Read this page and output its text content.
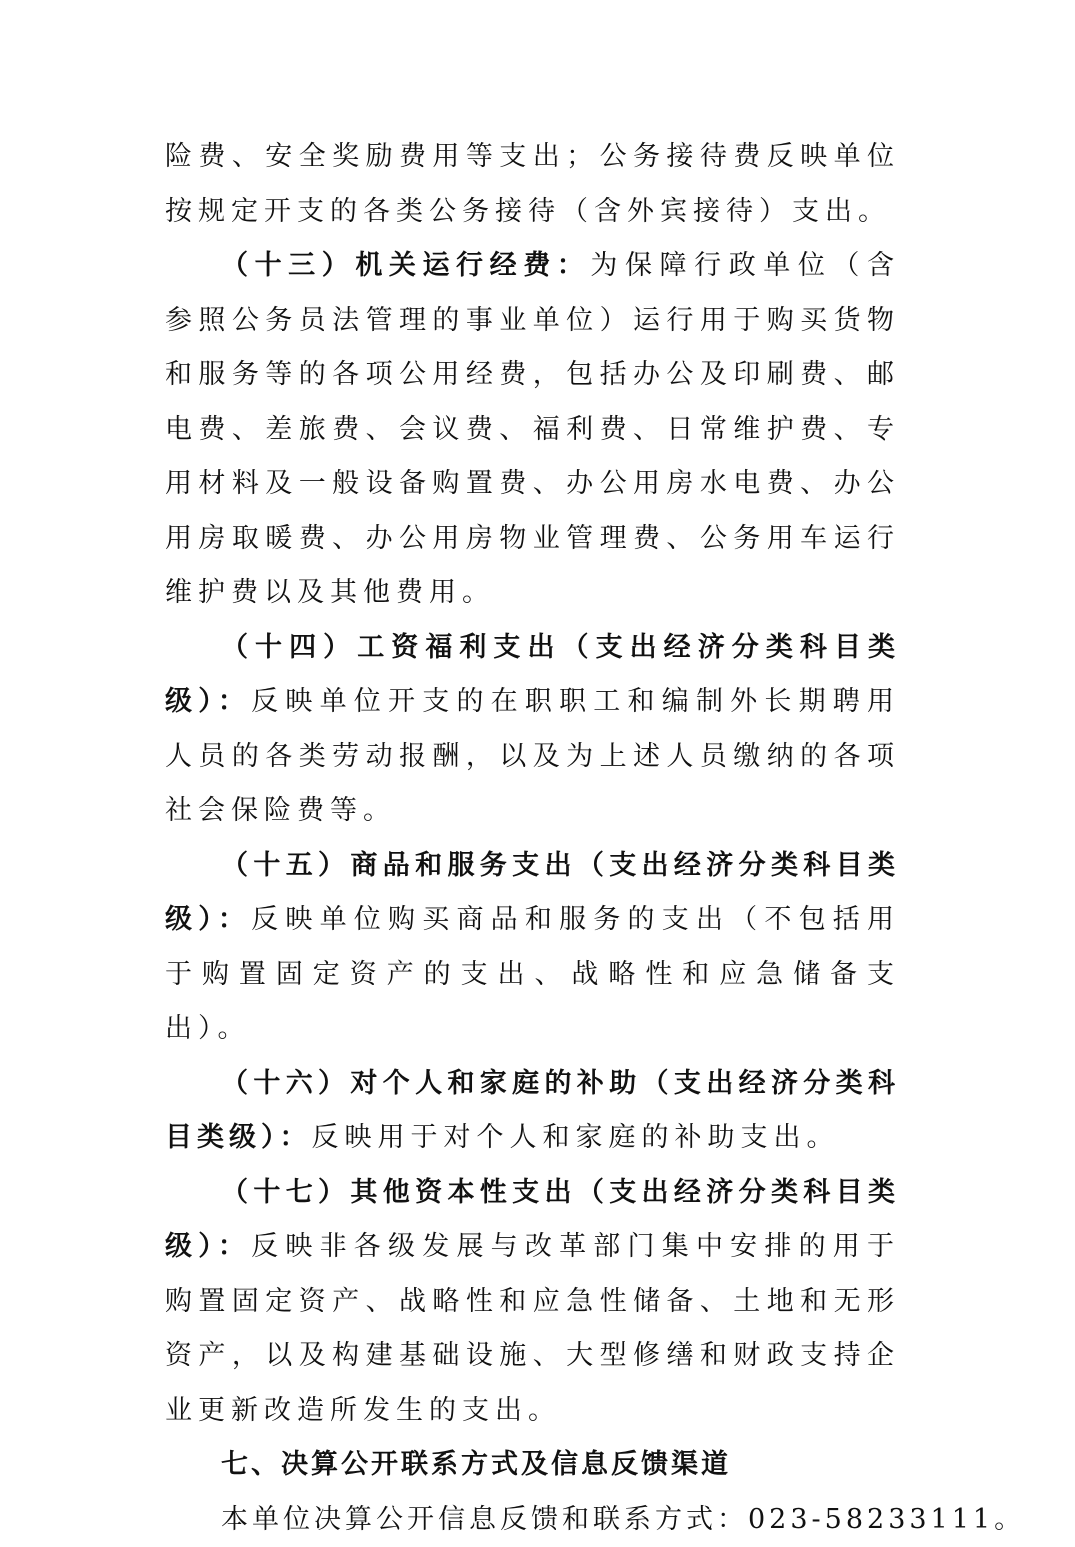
险费、安全奖励费用等支出；公务接待费反映单位按规定开支的各类公务接待（含外宾接待）支出。

（十三）机关运行经费：为保障行政单位（含参照公务员法管理的事业单位）运行用于购买货物和服务等的各项公用经费，包括办公及印刷费、邮电费、差旅费、会议费、福利费、日常维护费、专用材料及一般设备购置费、办公用房水电费、办公用房取暖费、办公用房物业管理费、公务用车运行维护费以及其他费用。

（十四）工资福利支出（支出经济分类科目类级）：反映单位开支的在职职工和编制外长期聘用人员的各类劳动报酬，以及为上述人员缴纳的各项社会保险费等。

（十五）商品和服务支出（支出经济分类科目类级）：反映单位购买商品和服务的支出（不包括用于购置固定资产的支出、战略性和应急储备支出）。

（十六）对个人和家庭的补助（支出经济分类科目类级）：反映用于对个人和家庭的补助支出。

（十七）其他资本性支出（支出经济分类科目类级）：反映非各级发展与改革部门集中安排的用于购置固定资产、战略性和应急性储备、土地和无形资产，以及构建基础设施、大型修缮和财政支持企业更新改造所发生的支出。

七、决算公开联系方式及信息反馈渠道

本单位决算公开信息反馈和联系方式：023-58233111。
